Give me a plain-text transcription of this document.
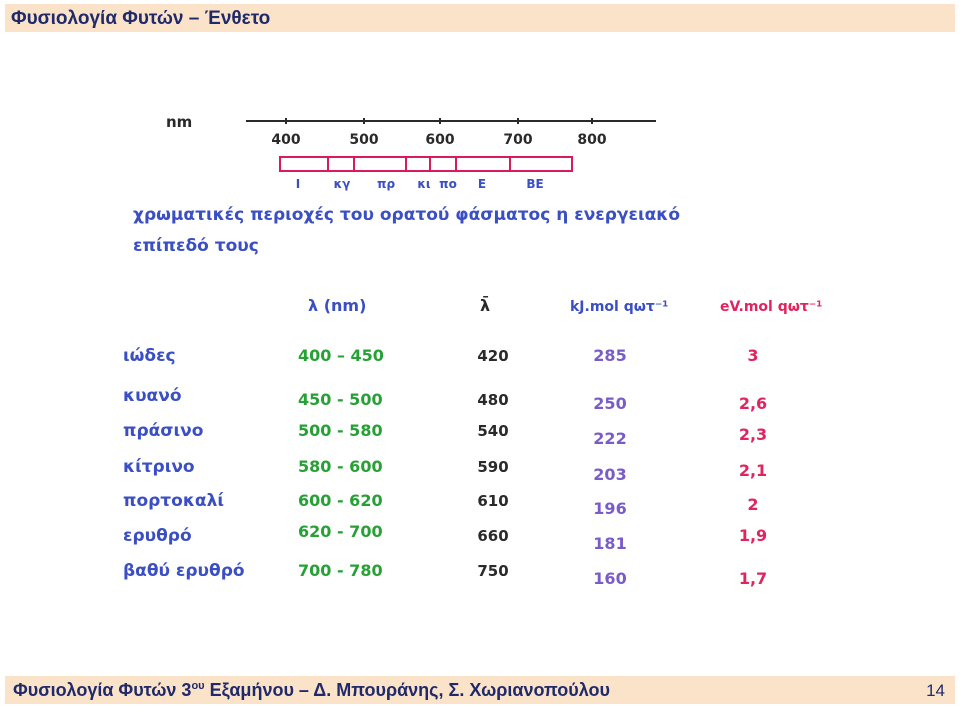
Φυσιολογία Φυτών – Ένθετο
nm
400	500	600	700	800
I	κγ πρ κι πο E	BE
χρωματικές περιοχές του ορατού φάσματος η ενεργειακό
επίπεδό τους
λ (nm)	λ̄	kJ.mol qωτ⁻¹	eV.mol qωτ⁻¹
ιώδες	400 – 450	420	285	3
κυανό	450 - 500	480	250	2,6
πράσινο	500 - 580	540	222	2,3
κίτρινο	580 - 600	590	203	2,1
πορτοκαλί	600 - 620	610	196	2
ερυθρό	620 - 700	660	181	1,9
βαθύ ερυθρό	700 - 780	750	160	1,7
Φυσιολογία Φυτών $3^{o\upsilon}$ Εξαμήνου – Δ. Μπουράνης, Σ. Χωριανοπούλου	14
